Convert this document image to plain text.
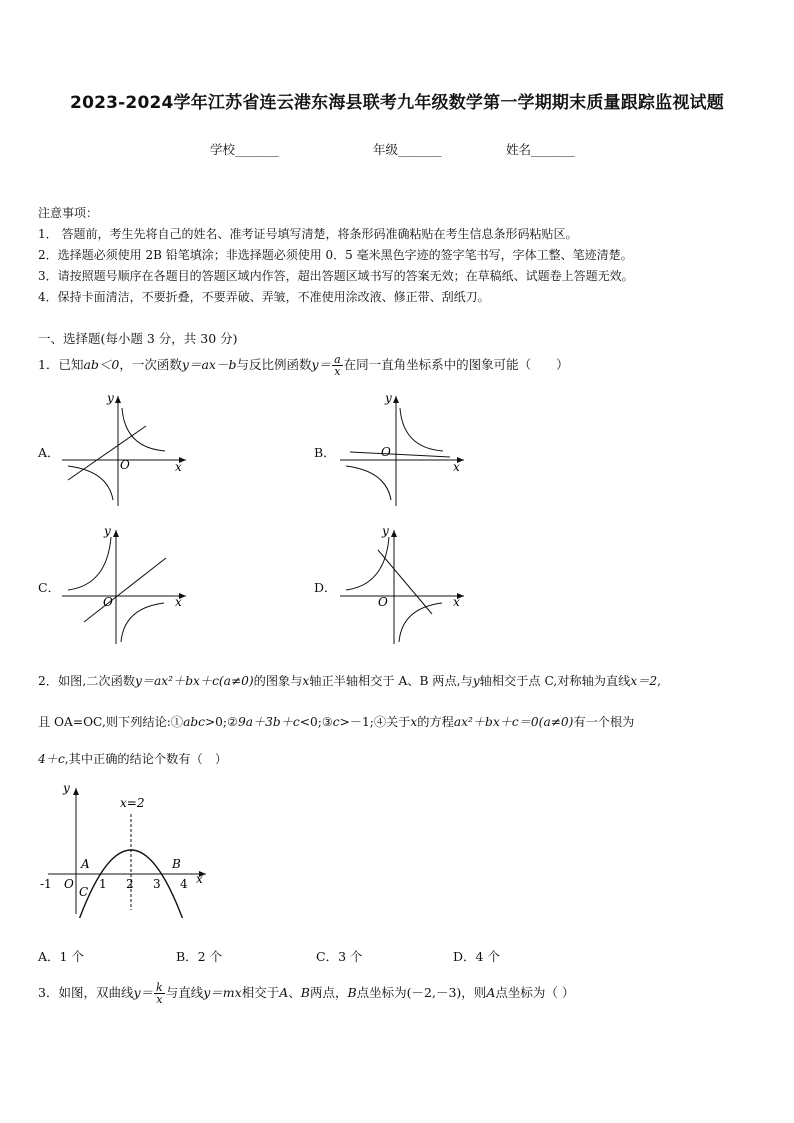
2023-2024学年江苏省连云港东海县联考九年级数学第一学期期末质量跟踪监视试题
学校_______	年级_______	姓名_______
注意事项：
1． 答题前，考生先将自己的姓名、准考证号填写清楚，将条形码准确粘贴在考生信息条形码粘贴区。
2．选择题必须使用 2B 铅笔填涂；非选择题必须使用 0．5 毫米黑色字迹的签字笔书写，字体工整、笔迹清楚。
3．请按照题号顺序在各题目的答题区域内作答，超出答题区域书写的答案无效；在草稿纸、试题卷上答题无效。
4．保持卡面清洁，不要折叠，不要弄破、弄皱，不准使用涂改液、修正带、刮纸刀。
一、选择题(每小题 3 分，共 30 分)
1．已知ab＜0，一次函数y＝ax－b与反比例函数$y= \frac{a}{x}$ 在同一直角坐标系中的图象可能（　　）
A．	B．
C．	D．
O	x
y
O
x
y
O	x
y
O	x
y
2．如图,二次函数y＝ax²＋bx＋c(a≠0)的图象与x轴正半轴相交于 A、B 两点,与y轴相交于点 C,对称轴为直线x＝2,
且 OA=OC,则下列结论:①abc>0;②9a＋3b＋c<0;③c>－1;④关于x的方程ax²＋bx＋c＝0(a≠0)有一个根为
4＋c,其中正确的结论个数有（　）
y
x
x=2
-1 O 1 2 3 4
A	B
C
A．1 个	B．2 个	C．3 个	D．4 个
3．如图，双曲线$y= \frac{k}{x}$ 与直线y＝mx相交于A、B两点，B点坐标为(－2,－3)，则A点坐标为（ ）
